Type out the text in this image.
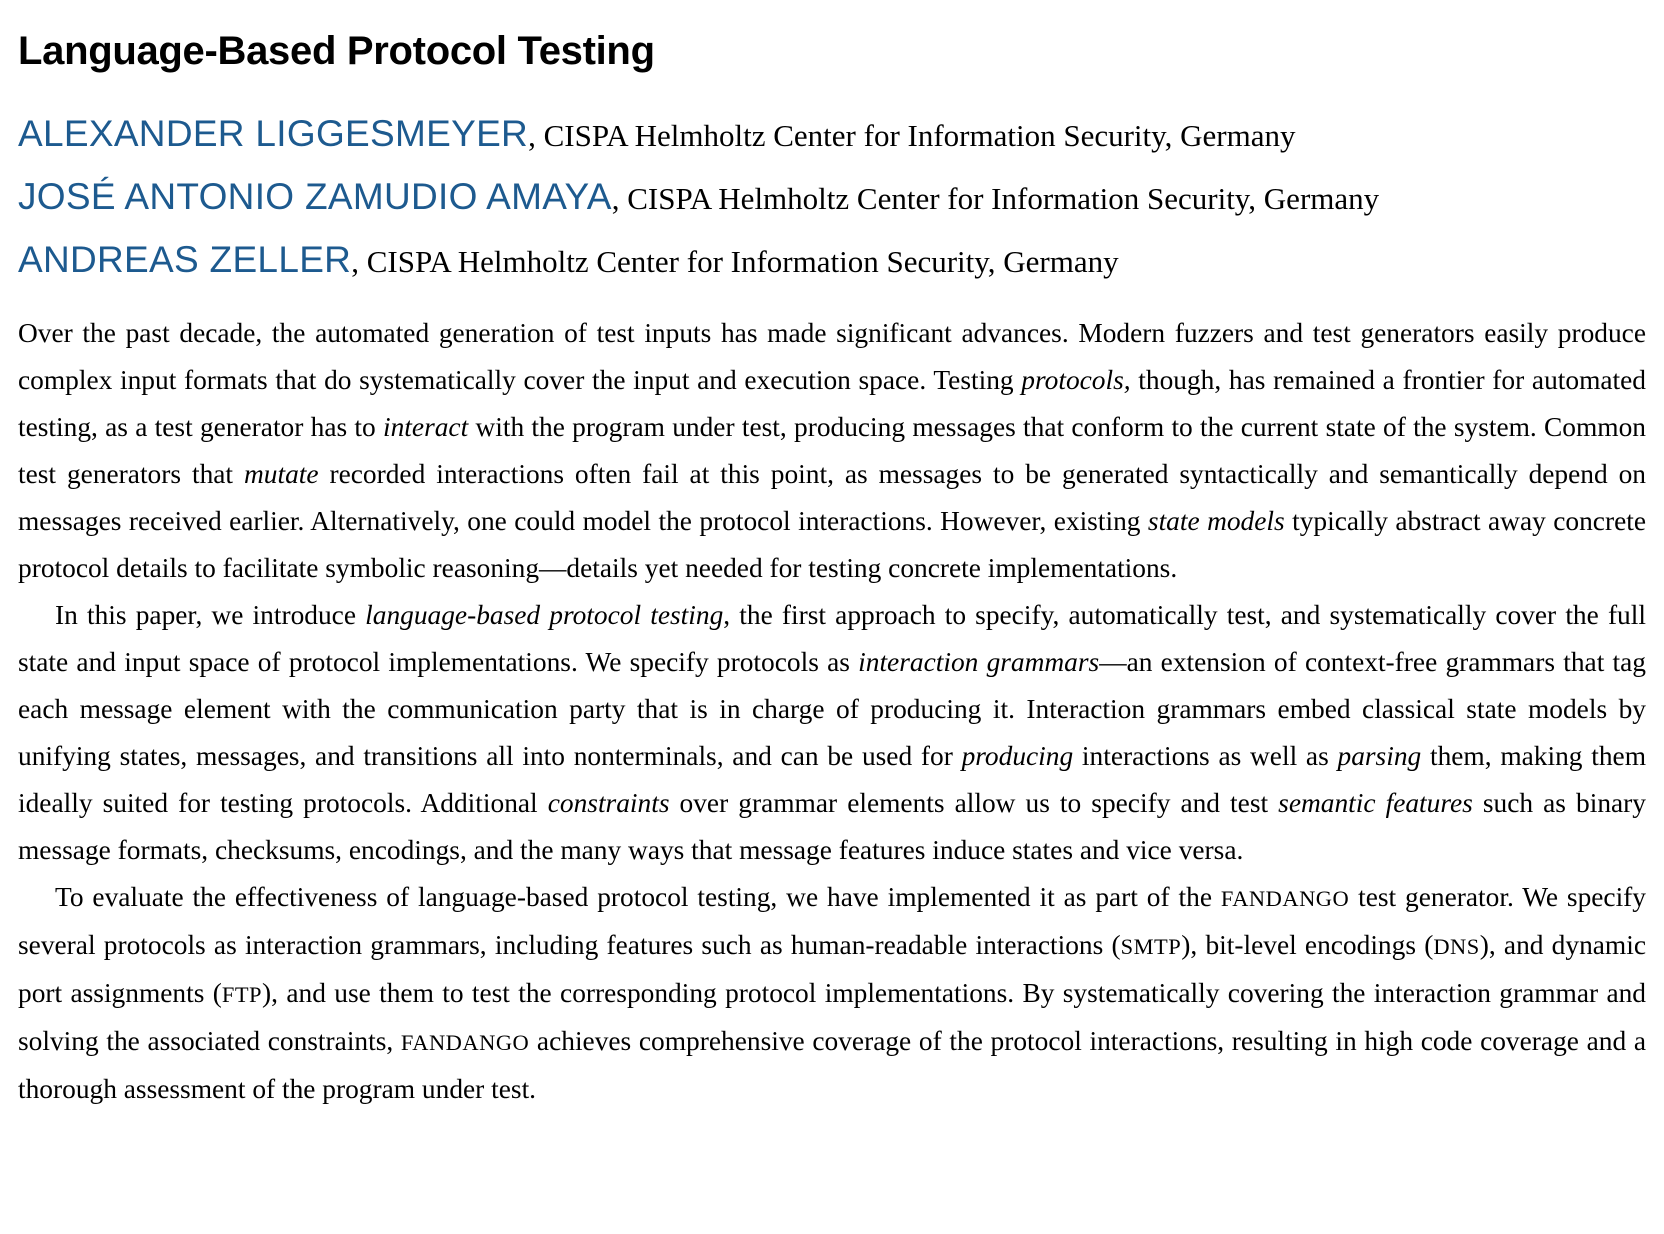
Language-Based Protocol Testing
ALEXANDER LIGGESMEYER, CISPA Helmholtz Center for Information Security, Germany
JOSÉ ANTONIO ZAMUDIO AMAYA, CISPA Helmholtz Center for Information Security, Germany
ANDREAS ZELLER, CISPA Helmholtz Center for Information Security, Germany

Over the past decade, the automated generation of test inputs has made significant advances. Modern fuzzers and test generators easily produce complex input formats that do systematically cover the input and execution space. Testing protocols, though, has remained a frontier for automated testing, as a test generator has to interact with the program under test, producing messages that conform to the current state of the system. Common test generators that mutate recorded interactions often fail at this point, as messages to be generated syntactically and semantically depend on messages received earlier. Alternatively, one could model the protocol interactions. However, existing state models typically abstract away concrete protocol details to facilitate symbolic reasoning—details yet needed for testing concrete implementations.

In this paper, we introduce language-based protocol testing, the first approach to specify, automatically test, and systematically cover the full state and input space of protocol implementations. We specify protocols as interaction grammars—an extension of context-free grammars that tag each message element with the communication party that is in charge of producing it. Interaction grammars embed classical state models by unifying states, messages, and transitions all into nonterminals, and can be used for producing interactions as well as parsing them, making them ideally suited for testing protocols. Additional constraints over grammar elements allow us to specify and test semantic features such as binary message formats, checksums, encodings, and the many ways that message features induce states and vice versa.

To evaluate the effectiveness of language-based protocol testing, we have implemented it as part of the FANDANGO test generator. We specify several protocols as interaction grammars, including features such as human-readable interactions (SMTP), bit-level encodings (DNS), and dynamic port assignments (FTP), and use them to test the corresponding protocol implementations. By systematically covering the interaction grammar and solving the associated constraints, FANDANGO achieves comprehensive coverage of the protocol interactions, resulting in high code coverage and a thorough assessment of the program under test.
